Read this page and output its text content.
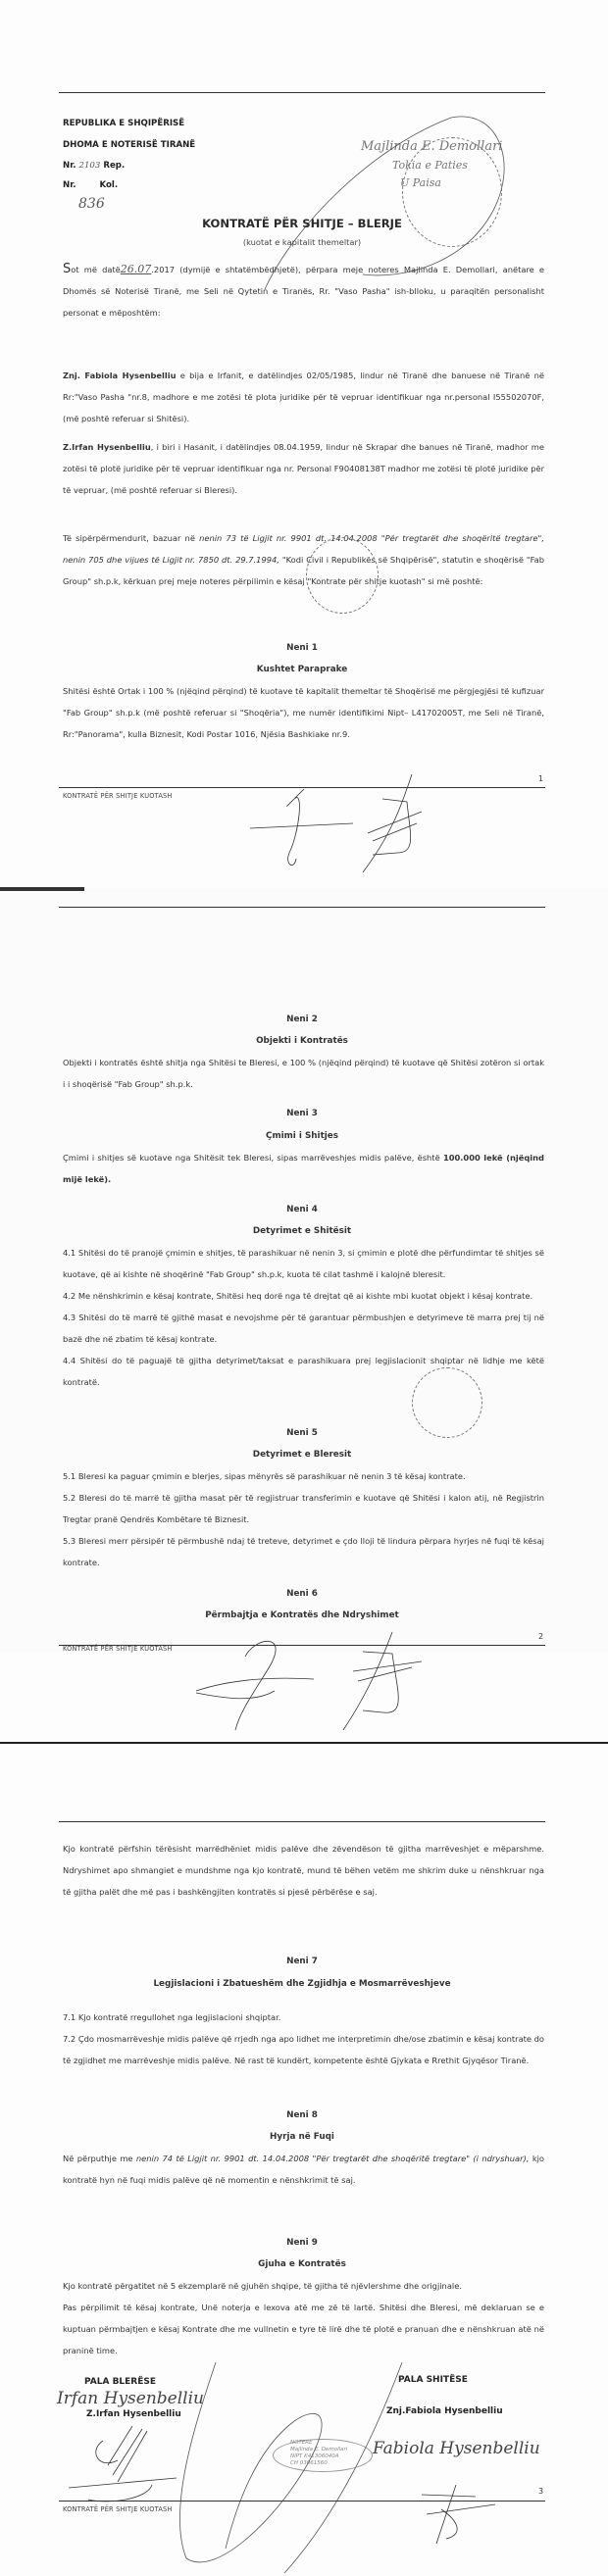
REPUBLIKA E SHQIPËRISË
DHOMA E NOTERISË TIRANË
Nr. 2103 Rep.
Nr.	Kol.
836
Majlinda E. Demollari
Tokia e Paties
U Paisa
KONTRATË PËR SHITJE – BLERJE
(kuotat e kapitalit themeltar)
Sot më datë26.07.2017 (dymijë e shtatëmbëdhjetë), përpara meje noteres Majlinda E. Demollari, anëtare e Dhomës së Noterisë Tiranë, me Seli në Qytetin e Tiranës, Rr. "Vaso Pasha" ish-blloku, u paraqitën personalisht personat e mëposhtëm:
Znj. Fabiola Hysenbelliu e bija e Irfanit, e datëlindjes 02/05/1985, lindur në Tiranë dhe banuese në Tiranë në Rr:"Vaso Pasha "nr.8, madhore e me zotësi të plota juridike për të vepruar identifikuar nga nr.personal I55502070F, (më poshtë referuar si Shitësi).
Z.Irfan Hysenbelliu, i biri i Hasanit, i datëlindjes 08.04.1959, lindur në Skrapar dhe banues në Tiranë, madhor me zotësi të plotë juridike për të vepruar identifikuar nga nr. Personal F90408138T madhor me zotësi të plotë juridike për të vepruar, (më poshtë referuar si Bleresi).
Të sipërpërmendurit, bazuar në nenin 73 të Ligjit nr. 9901 dt. 14.04.2008 "Për tregtarët dhe shoqëritë tregtare", nenin 705 dhe vijues të Ligjit nr. 7850 dt. 29.7.1994, "Kodi Civil i Republikës së Shqipërisë", statutin e shoqërisë "Fab Group" sh.p.k, kërkuan prej meje noteres përpilimin e kësaj "Kontrate për shitje kuotash" si më poshtë:
Neni 1
Kushtet Paraprake
Shitësi është Ortak i 100 % (njëqind përqind) të kuotave të kapitalit themeltar të Shoqërisë me përgjegjësi të kufizuar "Fab Group" sh.p.k (më poshtë referuar si "Shoqëria"), me numër identifikimi Nipt– L41702005T, me Seli në Tiranë, Rr:"Panorama", kulla Biznesit, Kodi Postar 1016, Njësia Bashkiake nr.9.
1
KONTRATË PËR SHITJE KUOTASH
Neni 2
Objekti i Kontratës
Objekti i kontratës është shitja nga Shitësi te Bleresi, e 100 % (njëqind përqind) të kuotave që Shitësi zotëron si ortak i i shoqërisë "Fab Group" sh.p.k.
Neni 3
Çmimi i Shitjes
Çmimi i shitjes së kuotave nga Shitësit tek Bleresi, sipas marrëveshjes midis palëve, është 100.000 lekë (njëqind mijë lekë).
Neni 4
Detyrimet e Shitësit
4.1 Shitësi do të pranojë çmimin e shitjes, të parashikuar në nenin 3, si çmimin e plotë dhe përfundimtar të shitjes së kuotave, që ai kishte në shoqërinë "Fab Group" sh.p.k, kuota të cilat tashmë i kalojnë bleresit.
4.2 Me nënshkrimin e kësaj kontrate, Shitësi heq dorë nga të drejtat që ai kishte mbi kuotat objekt i kësaj kontrate.
4.3 Shitësi do të marrë të gjithë masat e nevojshme për të garantuar përmbushjen e detyrimeve të marra prej tij në bazë dhe në zbatim të kësaj kontrate.
4.4 Shitësi do të paguajë të gjitha detyrimet/taksat e parashikuara prej legjislacionit shqiptar në lidhje me këtë kontratë.
Neni 5
Detyrimet e Bleresit
5.1 Bleresi ka paguar çmimin e blerjes, sipas mënyrës së parashikuar në nenin 3 të kësaj kontrate.
5.2 Bleresi do të marrë të gjitha masat për të regjistruar transferimin e kuotave që Shitësi i kalon atij, në Regjistrin Tregtar pranë Qendrës Kombëtare të Biznesit.
5.3 Bleresi merr përsipër të përmbushë ndaj të treteve, detyrimet e çdo lloji të lindura përpara hyrjes në fuqi të kësaj kontrate.
Neni 6
Përmbajtja e Kontratës dhe Ndryshimet
2
KONTRATË PËR SHITJE KUOTASH
Kjo kontratë përfshin tërësisht marrëdhëniet midis palëve dhe zëvendëson të gjitha marrëveshjet e mëparshme. Ndryshimet apo shmangiet e mundshme nga kjo kontratë, mund të bëhen vetëm me shkrim duke u nënshkruar nga të gjitha palët dhe më pas i bashkëngjiten kontratës si pjesë përbërëse e saj.
Neni 7
Legjislacioni i Zbatueshëm dhe Zgjidhja e Mosmarrëveshjeve
7.1 Kjo kontratë rregullohet nga legjislacioni shqiptar.
7.2 Çdo mosmarrëveshje midis palëve që rrjedh nga apo lidhet me interpretimin dhe/ose zbatimin e kësaj kontrate do të zgjidhet me marrëveshje midis palëve. Në rast të kundërt, kompetente është Gjykata e Rrethit Gjyqësor Tiranë.
Neni 8
Hyrja në Fuqi
Në përputhje me nenin 74 të Ligjit nr. 9901 dt. 14.04.2008 "Për tregtarët dhe shoqëritë tregtare" (i ndryshuar), kjo kontratë hyn në fuqi midis palëve që në momentin e nënshkrimit të saj.
Neni 9
Gjuha e Kontratës
Kjo kontratë përgatitet në 5 ekzemplarë në gjuhën shqipe, të gjitha të njëvlershme dhe origjinale.
Pas përpilimit të kësaj kontrate, Unë noterja e lexova atë me zë të lartë. Shitësi dhe Bleresi, më deklaruan se e kuptuan përmbajtjen e kësaj Kontrate dhe me vullnetin e tyre të lirë dhe të plotë e pranuan dhe e nënshkruan atë në praninë time.
PALA BLERËSE
Irfan Hysenbelliu
Z.Irfan Hysenbelliu
PALA SHITËSE
Znj.Fabiola Hysenbelliu
Fabiola Hysenbelliu
NOTERE
Majlinda E. Demollari
NIPT K41306040A
CH 03061560
3
KONTRATË PËR SHITJE KUOTASH
